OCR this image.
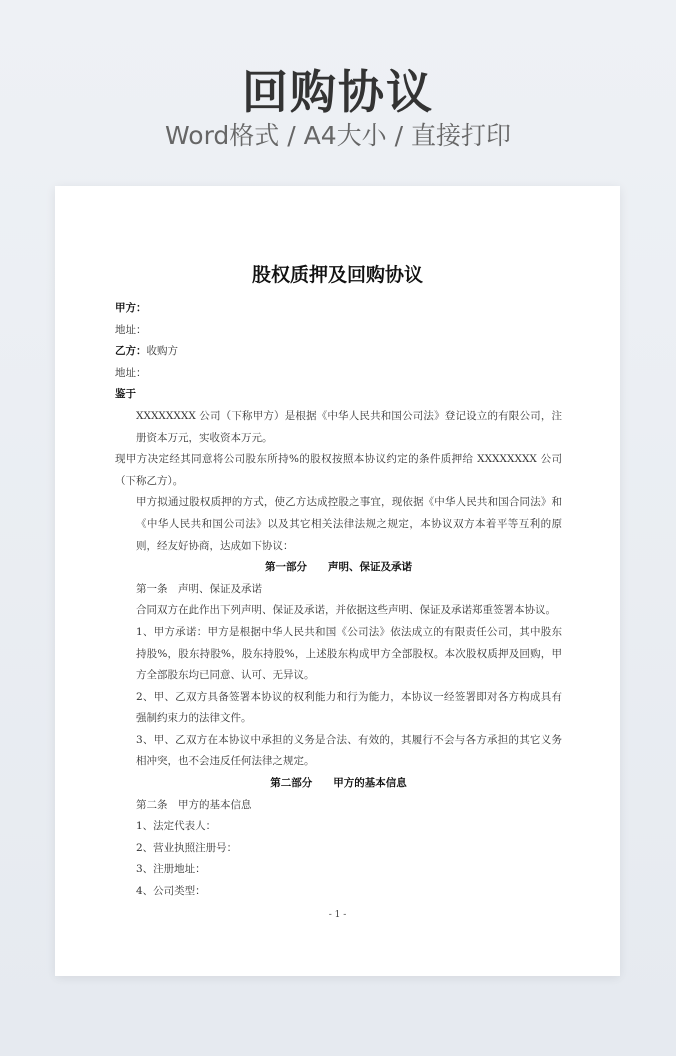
回购协议
Word格式 / A4大小 / 直接打印
股权质押及回购协议

甲方：

地址：

乙方：收购方

地址：

鉴于

XXXXXXXX 公司（下称甲方）是根据《中华人民共和国公司法》登记设立的有限公司，注册资本万元，实收资本万元。

现甲方决定经其同意将公司股东所持%的股权按照本协议约定的条件质押给 XXXXXXXX 公司（下称乙方）。

甲方拟通过股权质押的方式，使乙方达成控股之事宜，现依据《中华人民共和国合同法》和《中华人民共和国公司法》以及其它相关法律法规之规定，本协议双方本着平等互利的原则，经友好协商，达成如下协议：

第一部分　　声明、保证及承诺

第一条　声明、保证及承诺

合同双方在此作出下列声明、保证及承诺，并依据这些声明、保证及承诺郑重签署本协议。

1、甲方承诺：甲方是根据中华人民共和国《公司法》依法成立的有限责任公司，其中股东持股%，股东持股%，股东持股%，上述股东构成甲方全部股权。本次股权质押及回购，甲方全部股东均已同意、认可、无异议。

2、甲、乙双方具备签署本协议的权利能力和行为能力，本协议一经签署即对各方构成具有强制约束力的法律文件。

3、甲、乙双方在本协议中承担的义务是合法、有效的，其履行不会与各方承担的其它义务相冲突，也不会违反任何法律之规定。

第二部分　　甲方的基本信息

第二条　甲方的基本信息

1、法定代表人：

2、营业执照注册号：

3、注册地址：

4、公司类型：

- 1 -
